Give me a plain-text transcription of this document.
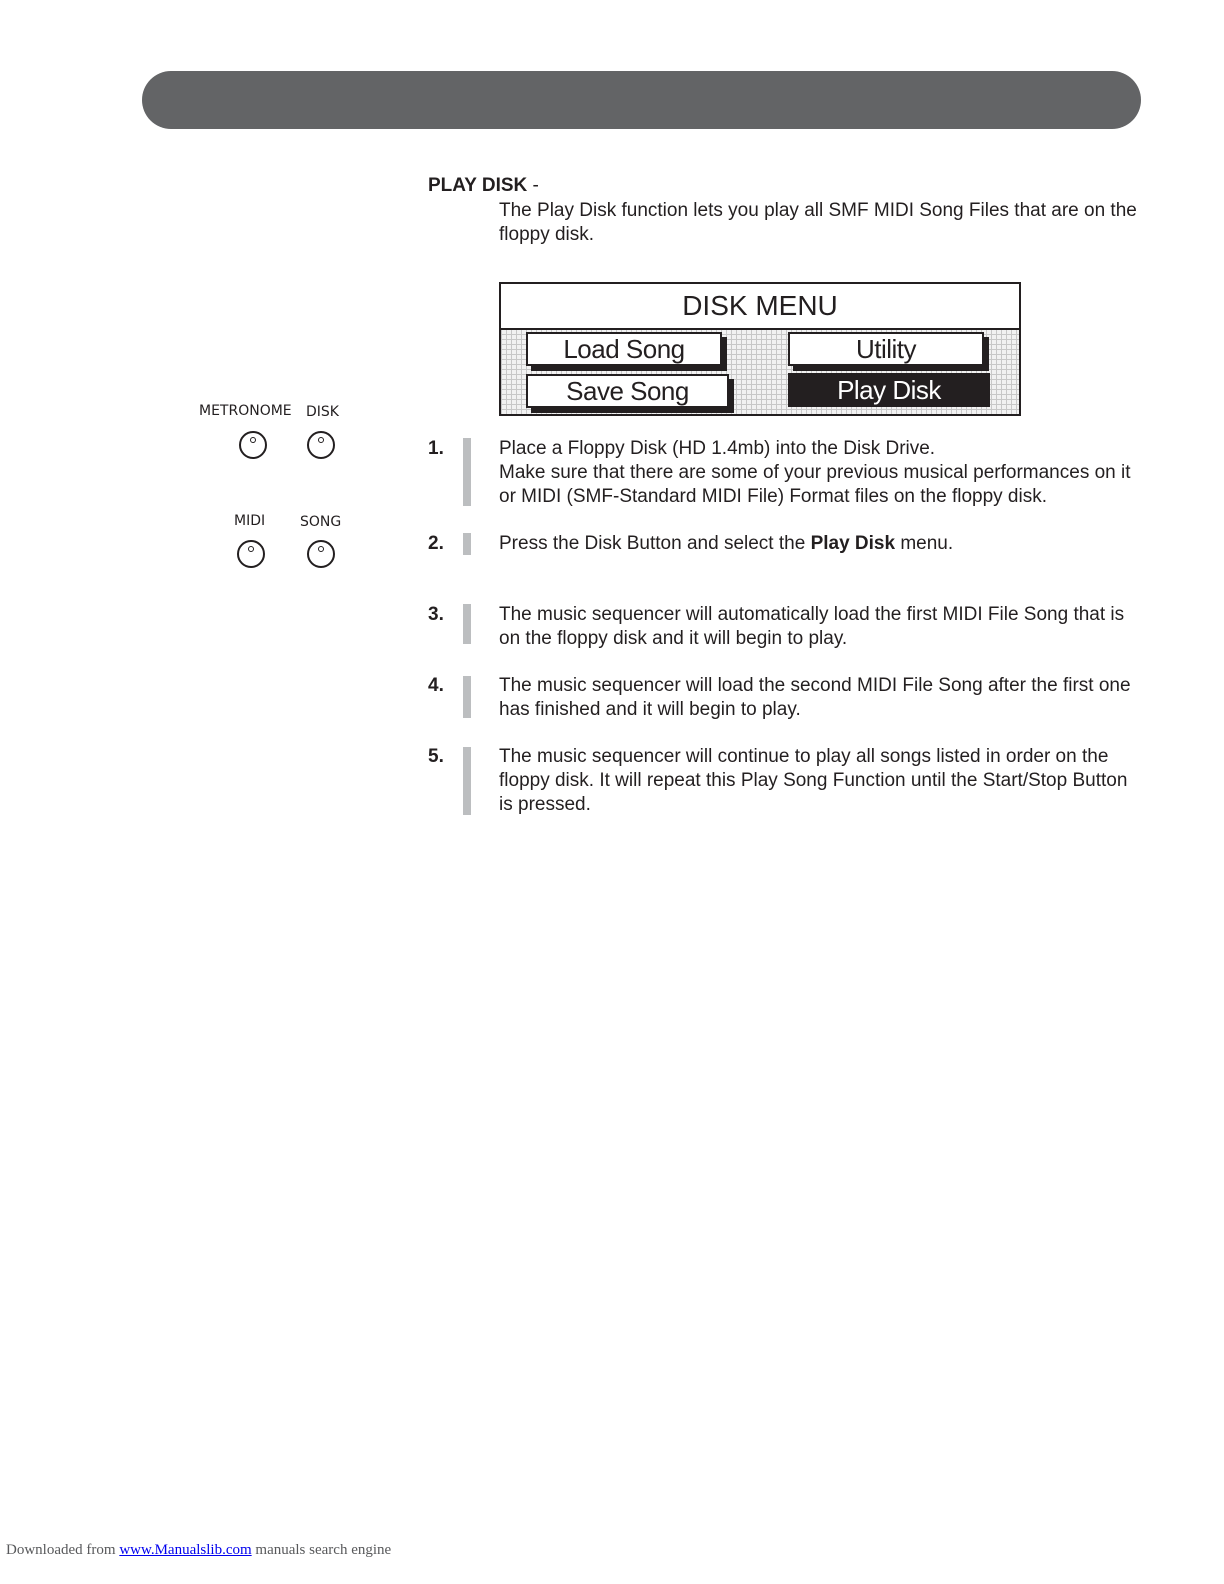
PLAY DISK -
The Play Disk function lets you play all SMF MIDI Song Files that are on the floppy disk.
DISK MENU
Load Song	Utility
Save Song	Play Disk
METRONOME DISK
MIDI SONG
1.	Place a Floppy Disk (HD 1.4mb) into the Disk Drive.
Make sure that there are some of your previous musical performances on it or MIDI (SMF-Standard MIDI File) Format files on the floppy disk.
2.	Press the Disk Button and select the Play Disk menu.
3.	The music sequencer will automatically load the first MIDI File Song that is on the floppy disk and it will begin to play.
4.	The music sequencer will load the second MIDI File Song after the first one has finished and it will begin to play.
5.	The music sequencer will continue to play all songs listed in order on the floppy disk. It will repeat this Play Song Function until the Start/Stop Button is pressed.
Downloaded from www.Manualslib.com manuals search engine
